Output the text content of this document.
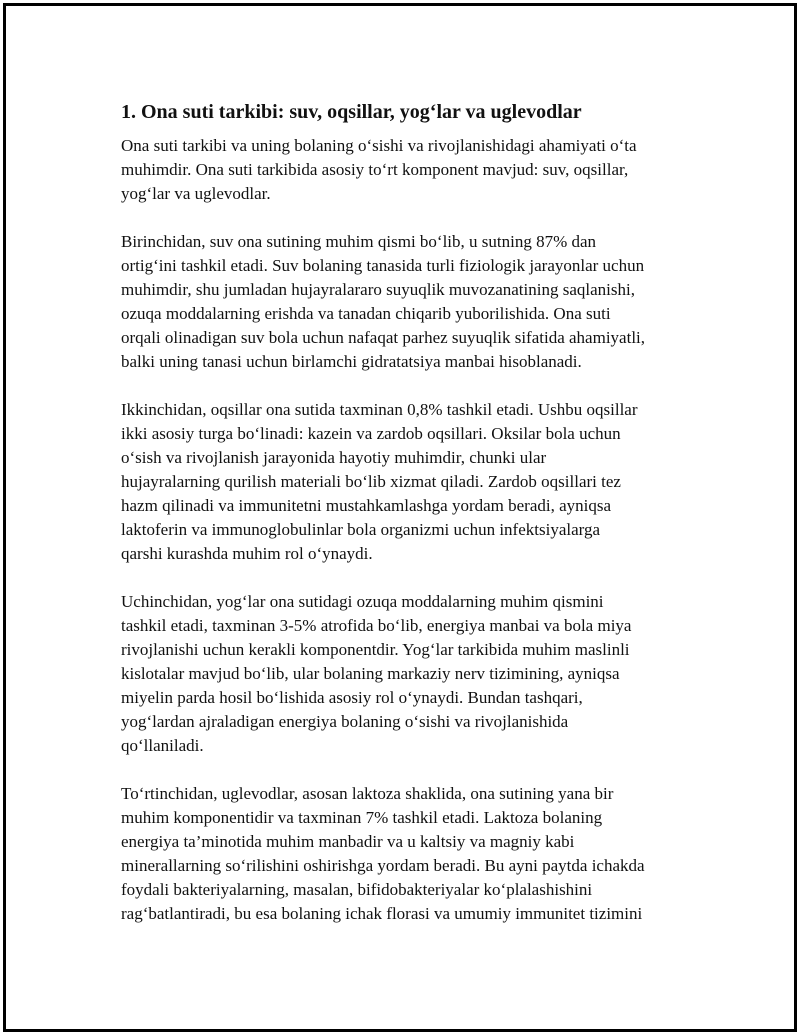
1. Ona suti tarkibi: suv, oqsillar, yog‘lar va uglevodlar

Ona suti tarkibi va uning bolaning o‘sishi va rivojlanishidagi ahamiyati o‘ta
muhimdir. Ona suti tarkibida asosiy to‘rt komponent mavjud: suv, oqsillar,
yog‘lar va uglevodlar.

Birinchidan, suv ona sutining muhim qismi bo‘lib, u sutning 87% dan
ortig‘ini tashkil etadi. Suv bolaning tanasida turli fiziologik jarayonlar uchun
muhimdir, shu jumladan hujayralararo suyuqlik muvozanatining saqlanishi,
ozuqa moddalarning erishda va tanadan chiqarib yuborilishida. Ona suti
orqali olinadigan suv bola uchun nafaqat parhez suyuqlik sifatida ahamiyatli,
balki uning tanasi uchun birlamchi gidratatsiya manbai hisoblanadi.

Ikkinchidan, oqsillar ona sutida taxminan 0,8% tashkil etadi. Ushbu oqsillar
ikki asosiy turga bo‘linadi: kazein va zardob oqsillari. Oksilar bola uchun
o‘sish va rivojlanish jarayonida hayotiy muhimdir, chunki ular
hujayralarning qurilish materiali bo‘lib xizmat qiladi. Zardob oqsillari tez
hazm qilinadi va immunitetni mustahkamlashga yordam beradi, ayniqsa
laktoferin va immunoglobulinlar bola organizmi uchun infektsiyalarga
qarshi kurashda muhim rol o‘ynaydi.

Uchinchidan, yog‘lar ona sutidagi ozuqa moddalarning muhim qismini
tashkil etadi, taxminan 3-5% atrofida bo‘lib, energiya manbai va bola miya
rivojlanishi uchun kerakli komponentdir. Yog‘lar tarkibida muhim maslinli
kislotalar mavjud bo‘lib, ular bolaning markaziy nerv tizimining, ayniqsa
miyelin parda hosil bo‘lishida asosiy rol o‘ynaydi. Bundan tashqari,
yog‘lardan ajraladigan energiya bolaning o‘sishi va rivojlanishida
qo‘llaniladi.

To‘rtinchidan, uglevodlar, asosan laktoza shaklida, ona sutining yana bir
muhim komponentidir va taxminan 7% tashkil etadi. Laktoza bolaning
energiya ta’minotida muhim manbadir va u kaltsiy va magniy kabi
minerallarning so‘rilishini oshirishga yordam beradi. Bu ayni paytda ichakda
foydali bakteriyalarning, masalan, bifidobakteriyalar ko‘plalashishini
rag‘batlantiradi, bu esa bolaning ichak florasi va umumiy immunitet tizimini
